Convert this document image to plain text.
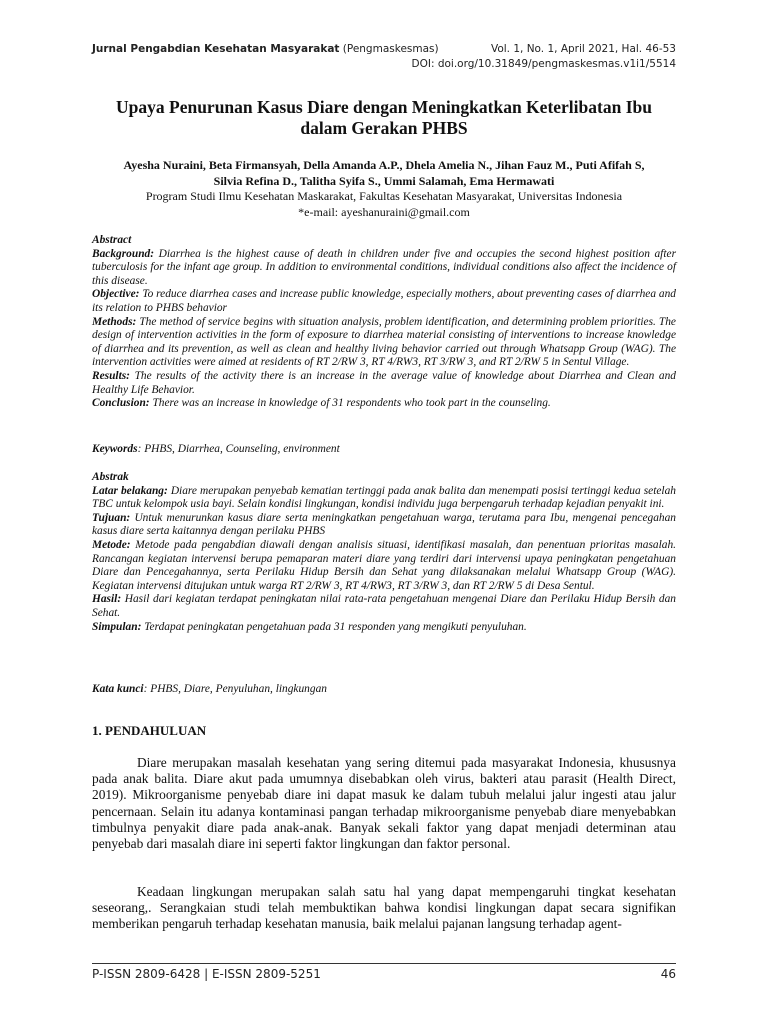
Jurnal Pengabdian Kesehatan Masyarakat (Pengmaskesmas)	Vol. 1, No. 1, April 2021, Hal. 46-53
DOI: doi.org/10.31849/pengmaskesmas.v1i1/5514
Upaya Penurunan Kasus Diare dengan Meningkatkan Keterlibatan Ibu dalam Gerakan PHBS
Ayesha Nuraini, Beta Firmansyah, Della Amanda A.P., Dhela Amelia N., Jihan Fauz M., Puti Afifah S,
Silvia Refina D., Talitha Syifa S., Ummi Salamah, Ema Hermawati
Program Studi Ilmu Kesehatan Maskarakat, Fakultas Kesehatan Masyarakat, Universitas Indonesia
*e-mail: ayeshanuraini@gmail.com

Abstract

Background: Diarrhea is the highest cause of death in children under five and occupies the second highest position after tuberculosis for the infant age group. In addition to environmental conditions, individual conditions also affect the incidence of this disease.

Objective: To reduce diarrhea cases and increase public knowledge, especially mothers, about preventing cases of diarrhea and its relation to PHBS behavior

Methods: The method of service begins with situation analysis, problem identification, and determining problem priorities. The design of intervention activities in the form of exposure to diarrhea material consisting of interventions to increase knowledge of diarrhea and its prevention, as well as clean and healthy living behavior carried out through Whatsapp Group (WAG). The intervention activities were aimed at residents of RT 2/RW 3, RT 4/RW3, RT 3/RW 3, and RT 2/RW 5 in Sentul Village.

Results: The results of the activity there is an increase in the average value of knowledge about Diarrhea and Clean and Healthy Life Behavior.

Conclusion: There was an increase in knowledge of 31 respondents who took part in the counseling.

Keywords: PHBS, Diarrhea, Counseling, environment

Abstrak

Latar belakang: Diare merupakan penyebab kematian tertinggi pada anak balita dan menempati posisi tertinggi kedua setelah TBC untuk kelompok usia bayi. Selain kondisi lingkungan, kondisi individu juga berpengaruh terhadap kejadian penyakit ini.

Tujuan: Untuk menurunkan kasus diare serta meningkatkan pengetahuan warga, terutama para Ibu, mengenai pencegahan kasus diare serta kaitannya dengan perilaku PHBS

Metode: Metode pada pengabdian diawali dengan analisis situasi, identifikasi masalah, dan penentuan prioritas masalah. Rancangan kegiatan intervensi berupa pemaparan materi diare yang terdiri dari intervensi upaya peningkatan pengetahuan Diare dan Pencegahannya, serta Perilaku Hidup Bersih dan Sehat yang dilaksanakan melalui Whatsapp Group (WAG). Kegiatan intervensi ditujukan untuk warga RT 2/RW 3, RT 4/RW3, RT 3/RW 3, dan RT 2/RW 5 di Desa Sentul.

Hasil: Hasil dari kegiatan terdapat peningkatan nilai rata-rata pengetahuan mengenai Diare dan Perilaku Hidup Bersih dan Sehat.

Simpulan: Terdapat peningkatan pengetahuan pada 31 responden yang mengikuti penyuluhan.

Kata kunci: PHBS, Diare, Penyuluhan, lingkungan

1. PENDAHULUAN

Diare merupakan masalah kesehatan yang sering ditemui pada masyarakat Indonesia, khususnya pada anak balita. Diare akut pada umumnya disebabkan oleh virus, bakteri atau parasit (Health Direct, 2019). Mikroorganisme penyebab diare ini dapat masuk ke dalam tubuh melalui jalur ingesti atau jalur pencernaan. Selain itu adanya kontaminasi pangan terhadap mikroorganisme penyebab diare menyebabkan timbulnya penyakit diare pada anak-anak. Banyak sekali faktor yang dapat menjadi determinan atau penyebab dari masalah diare ini seperti faktor lingkungan dan faktor personal.

Keadaan lingkungan merupakan salah satu hal yang dapat mempengaruhi tingkat kesehatan seseorang,. Serangkaian studi telah membuktikan bahwa kondisi lingkungan dapat secara signifikan memberikan pengaruh terhadap kesehatan manusia, baik melalui pajanan langsung terhadap agent-

P-ISSN 2809-6428 | E-ISSN 2809-5251	46
